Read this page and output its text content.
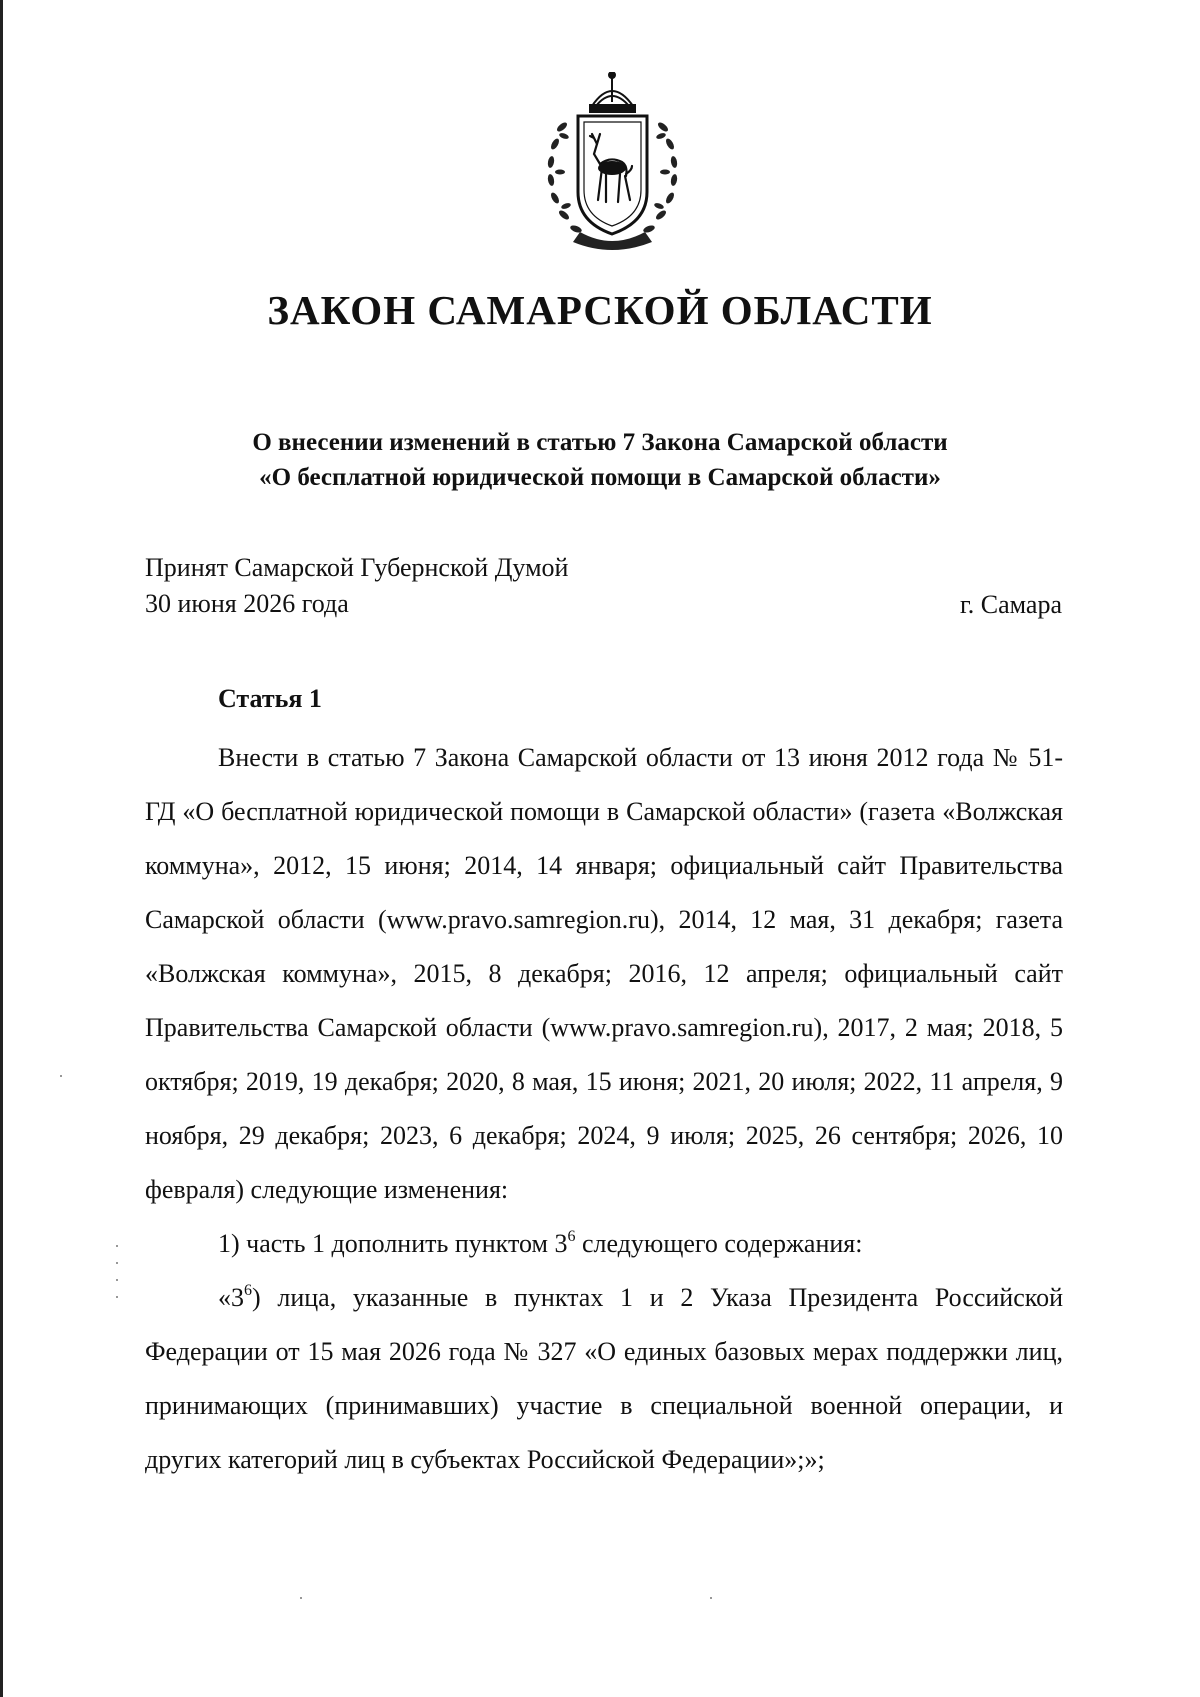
ЗАКОН САМАРСКОЙ ОБЛАСТИ
О внесении изменений в статью 7 Закона Самарской области
«О бесплатной юридической помощи в Самарской области»
Принят Самарской Губернской Думой
30 июня 2026 года	г. Самара
Статья 1

Внести в статью 7 Закона Самарской области от 13 июня 2012 года № 51-ГД «О бесплатной юридической помощи в Самарской области» (газета «Волжская коммуна», 2012, 15 июня; 2014, 14 января; официальный сайт Правительства Самарской области (www.pravo.samregion.ru), 2014, 12 мая, 31 декабря; газета «Волжская коммуна», 2015, 8 декабря; 2016, 12 апреля; официальный сайт Правительства Самарской области (www.pravo.samregion.ru), 2017, 2 мая; 2018, 5 октября; 2019, 19 декабря; 2020, 8 мая, 15 июня; 2021, 20 июля; 2022, 11 апреля, 9 ноября, 29 декабря; 2023, 6 декабря; 2024, 9 июля; 2025, 26 сентября; 2026, 10 февраля) следующие изменения:

1) часть 1 дополнить пунктом $3^6$ следующего содержания:

«$3^6$) лица, указанные в пунктах 1 и 2 Указа Президента Российской Федерации от 15 мая 2026 года № 327 «О единых базовых мерах поддержки лиц, принимающих (принимавших) участие в специальной военной операции, и других категорий лиц в субъектах Российской Федерации»;»;
